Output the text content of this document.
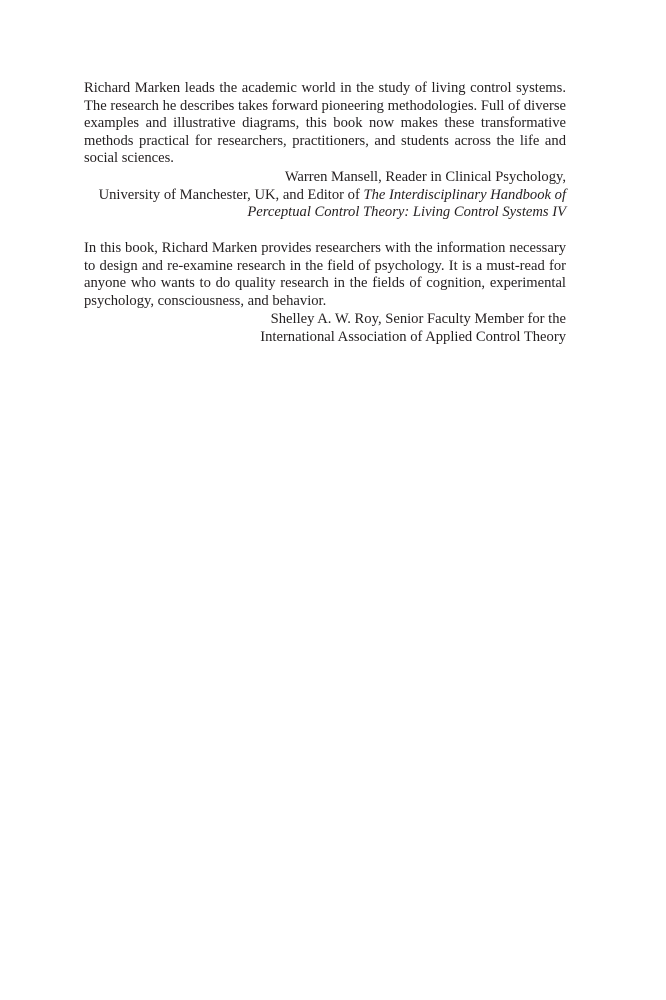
Richard Marken leads the academic world in the study of living control systems. The research he describes takes forward pioneering methodologies. Full of diverse examples and illustrative diagrams, this book now makes these transformative methods practical for researchers, practitioners, and students across the life and social sciences.

Warren Mansell, Reader in Clinical Psychology,
University of Manchester, UK, and Editor of The Interdisciplinary Handbook of
Perceptual Control Theory: Living Control Systems IV

In this book, Richard Marken provides researchers with the information necessary to design and re-examine research in the field of psychology. It is a must-read for anyone who wants to do quality research in the fields of cognition, experimental psychology, consciousness, and behavior.

Shelley A. W. Roy, Senior Faculty Member for the
International Association of Applied Control Theory
